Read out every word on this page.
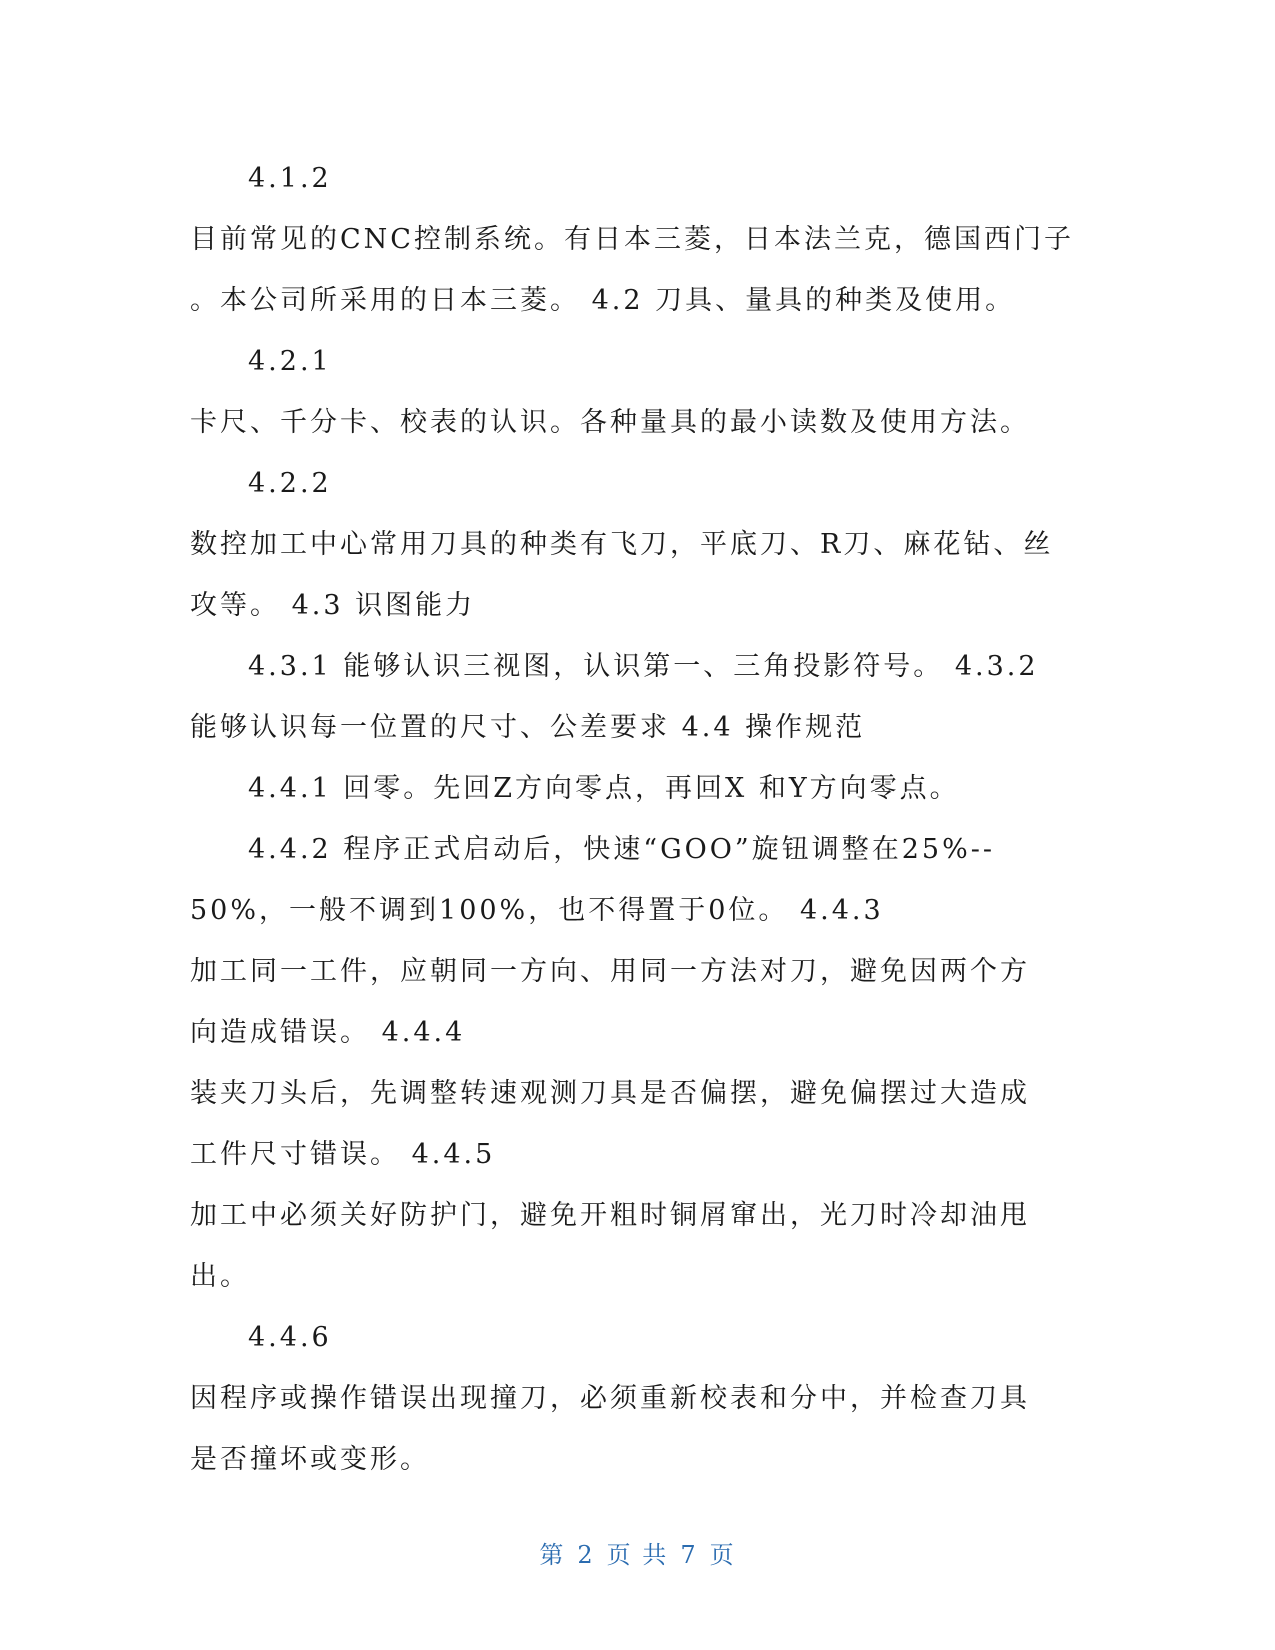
4.1.2
目前常见的CNC控制系统。有日本三菱，日本法兰克，德国西门子
。本公司所采用的日本三菱。 4.2 刀具、量具的种类及使用。
4.2.1
卡尺、千分卡、校表的认识。各种量具的最小读数及使用方法。
4.2.2
数控加工中心常用刀具的种类有飞刀，平底刀、R刀、麻花钻、丝
攻等。 4.3 识图能力
4.3.1 能够认识三视图，认识第一、三角投影符号。 4.3.2
能够认识每一位置的尺寸、公差要求 4.4 操作规范
4.4.1 回零。先回Z方向零点，再回X 和Y方向零点。
4.4.2 程序正式启动后，快速“GOO”旋钮调整在25%--
50%，一般不调到100%，也不得置于0位。 4.4.3
加工同一工件，应朝同一方向、用同一方法对刀，避免因两个方
向造成错误。 4.4.4
装夹刀头后，先调整转速观测刀具是否偏摆，避免偏摆过大造成
工件尺寸错误。 4.4.5
加工中必须关好防护门，避免开粗时铜屑窜出，光刀时冷却油甩
出。
4.4.6
因程序或操作错误出现撞刀，必须重新校表和分中，并检查刀具
是否撞坏或变形。
第 2 页 共 7 页
